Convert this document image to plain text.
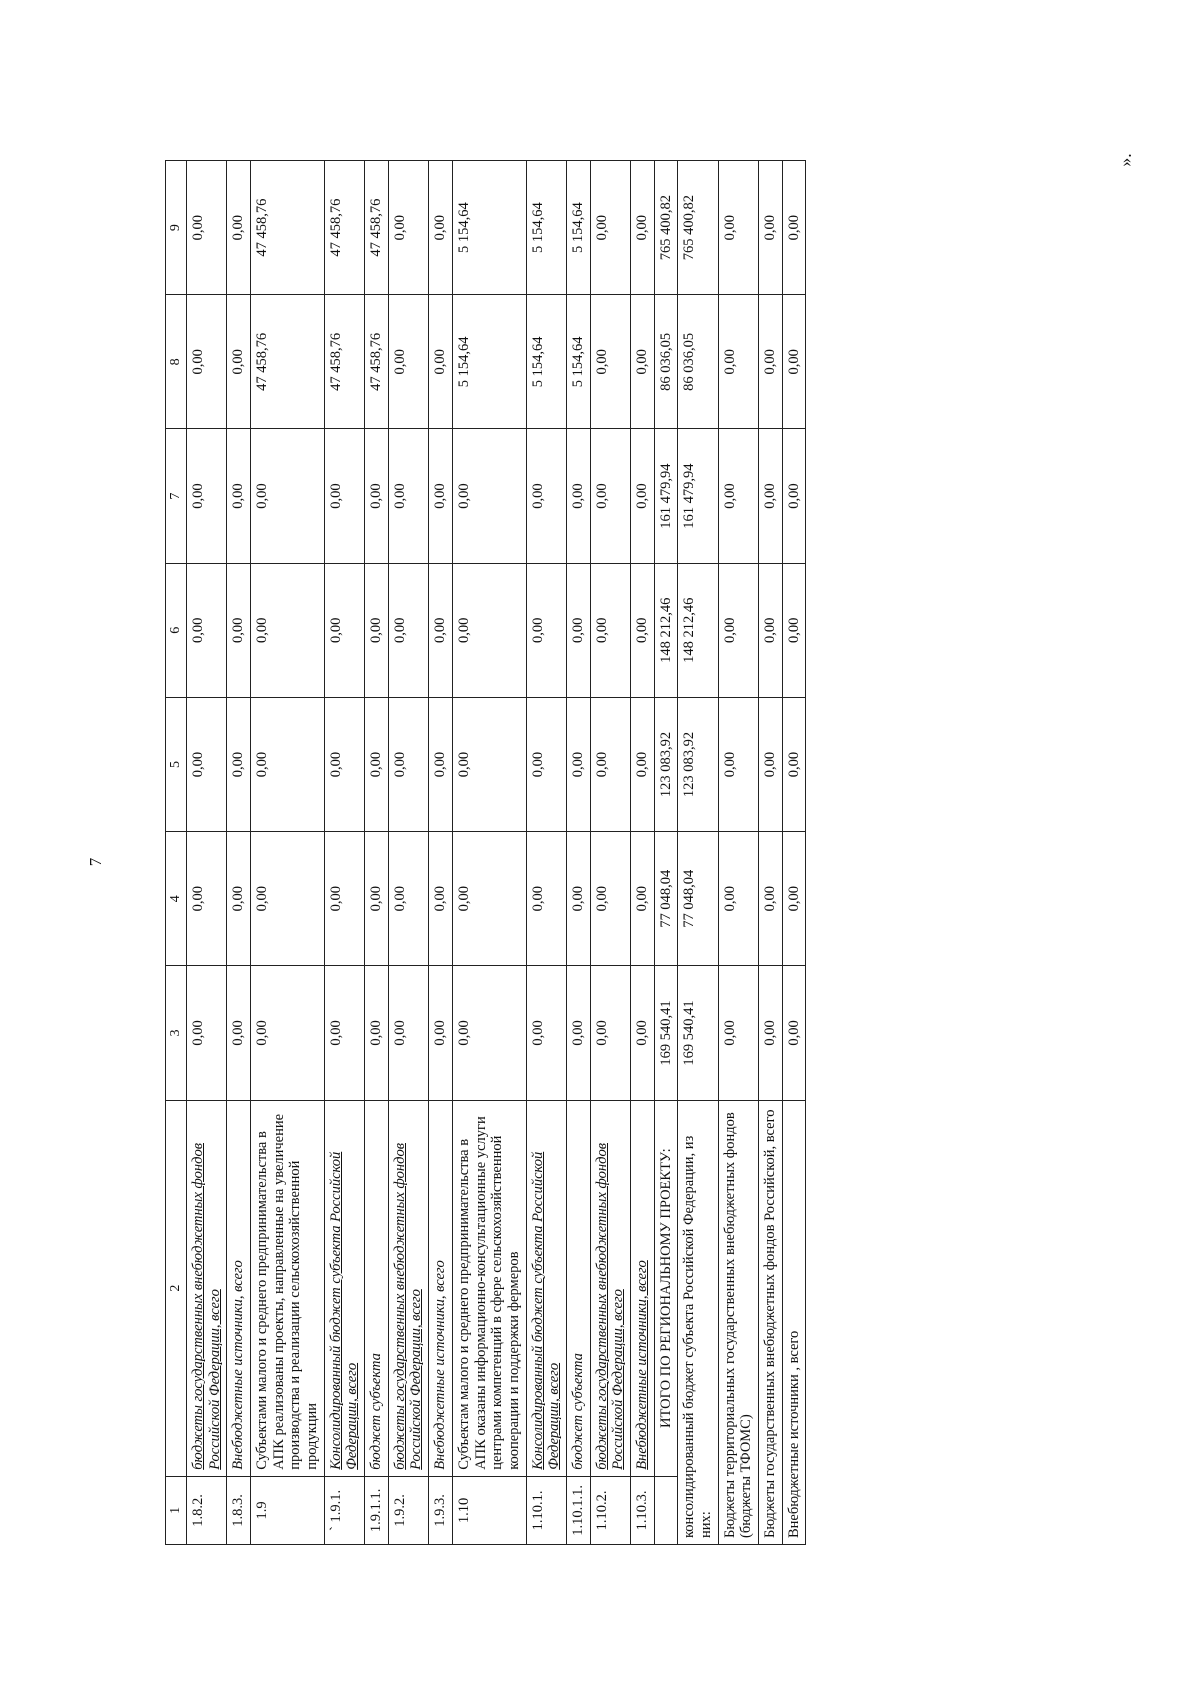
7
».
1	2	3	4	5	6	7	8	9
1.8.2.	бюджеты государственных внебюджетных фондов Российской Федерации, всего	0,00	0,00	0,00	0,00	0,00	0,00	0,00
1.8.3.	Внебюджетные источники, всего	0,00	0,00	0,00	0,00	0,00	0,00	0,00
1.9	Субъектами малого и среднего предпринимательства в АПК реализованы проекты, направленные на увеличение производства и реализации сельскохозяйственной продукции	0,00	0,00	0,00	0,00	0,00	47 458,76	47 458,76
` 1.9.1.	Консолидированный бюджет субъекта Российской Федерации, всего	0,00	0,00	0,00	0,00	0,00	47 458,76	47 458,76
1.9.1.1.	бюджет субъекта	0,00	0,00	0,00	0,00	0,00	47 458,76	47 458,76
1.9.2.	бюджеты государственных внебюджетных фондов Российской Федерации, всего	0,00	0,00	0,00	0,00	0,00	0,00	0,00
1.9.3.	Внебюджетные источники, всего	0,00	0,00	0,00	0,00	0,00	0,00	0,00
1.10	Субъектам малого и среднего предпринимательства в АПК оказаны информационно-консультационные услуги центрами компетенций в сфере сельскохозяйственной кооперации и поддержки фермеров	0,00	0,00	0,00	0,00	0,00	5 154,64	5 154,64
1.10.1.	Консолидированный бюджет субъекта Российской Федерации, всего	0,00	0,00	0,00	0,00	0,00	5 154,64	5 154,64
1.10.1.1.	бюджет субъекта	0,00	0,00	0,00	0,00	0,00	5 154,64	5 154,64
1.10.2.	бюджеты государственных внебюджетных фондов Российской Федерации, всего	0,00	0,00	0,00	0,00	0,00	0,00	0,00
1.10.3.	Внебюджетные источники, всего	0,00	0,00	0,00	0,00	0,00	0,00	0,00
	ИТОГО ПО РЕГИОНАЛЬНОМУ ПРОЕКТУ:	169 540,41	77 048,04	123 083,92	148 212,46	161 479,94	86 036,05	765 400,82
консолидированный бюджет субъекта Российской Федерации, из них:		169 540,41	77 048,04	123 083,92	148 212,46	161 479,94	86 036,05	765 400,82
Бюджеты территориальных государственных внебюджетных фондов (бюджеты ТФОМС)		0,00	0,00	0,00	0,00	0,00	0,00	0,00
Бюджеты государственных внебюджетных фондов Российской, всего		0,00	0,00	0,00	0,00	0,00	0,00	0,00
Внебюджетные источники , всего		0,00	0,00	0,00	0,00	0,00	0,00	0,00
